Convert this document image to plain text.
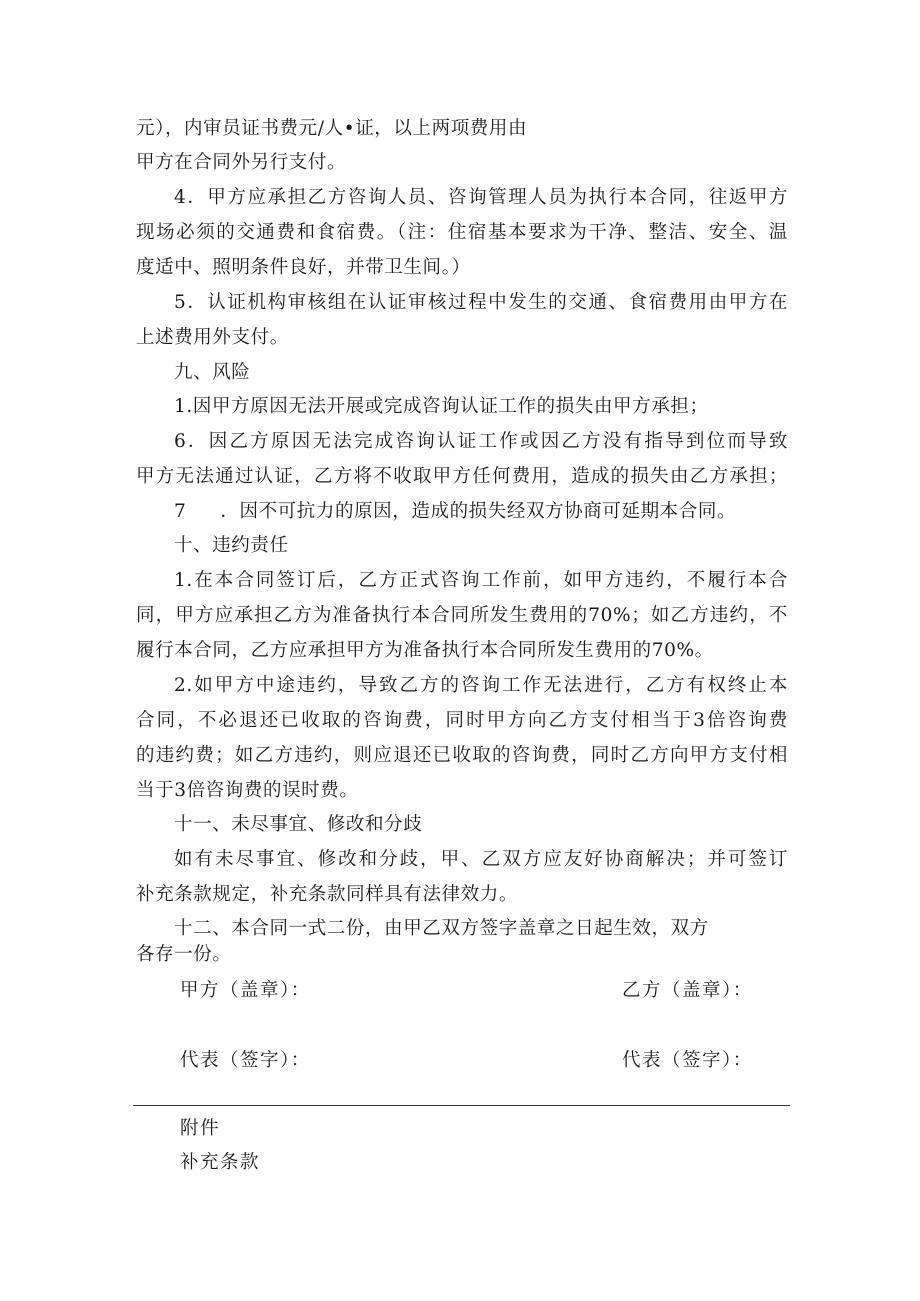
元），内审员证书费元/人•证，以上两项费用由

甲方在合同外另行支付。

4．甲方应承担乙方咨询人员、咨询管理人员为执行本合同，往返甲方

现场必须的交通费和食宿费。（注：住宿基本要求为干净、整洁、安全、温

度适中、照明条件良好，并带卫生间。）

5．认证机构审核组在认证审核过程中发生的交通、食宿费用由甲方在

上述费用外支付。

九、风险

1.因甲方原因无法开展或完成咨询认证工作的损失由甲方承担；

6．因乙方原因无法完成咨询认证工作或因乙方没有指导到位而导致

甲方无法通过认证，乙方将不收取甲方任何费用，造成的损失由乙方承担；

7 ．因不可抗力的原因，造成的损失经双方协商可延期本合同。

十、违约责任

1.在本合同签订后，乙方正式咨询工作前，如甲方违约，不履行本合

同，甲方应承担乙方为准备执行本合同所发生费用的70%；如乙方违约，不

履行本合同，乙方应承担甲方为准备执行本合同所发生费用的70%。

2.如甲方中途违约，导致乙方的咨询工作无法进行，乙方有权终止本

合同，不必退还已收取的咨询费，同时甲方向乙方支付相当于3倍咨询费

的违约费；如乙方违约，则应退还已收取的咨询费，同时乙方向甲方支付相

当于3倍咨询费的误时费。

十一、未尽事宜、修改和分歧

如有未尽事宜、修改和分歧，甲、乙双方应友好协商解决；并可签订

补充条款规定，补充条款同样具有法律效力。

十二、本合同一式二份，由甲乙双方签字盖章之日起生效，双方

各存一份。

甲方（盖章）：	乙方（盖章）：
代表（签字）：	代表（签字）：
附件
补充条款
